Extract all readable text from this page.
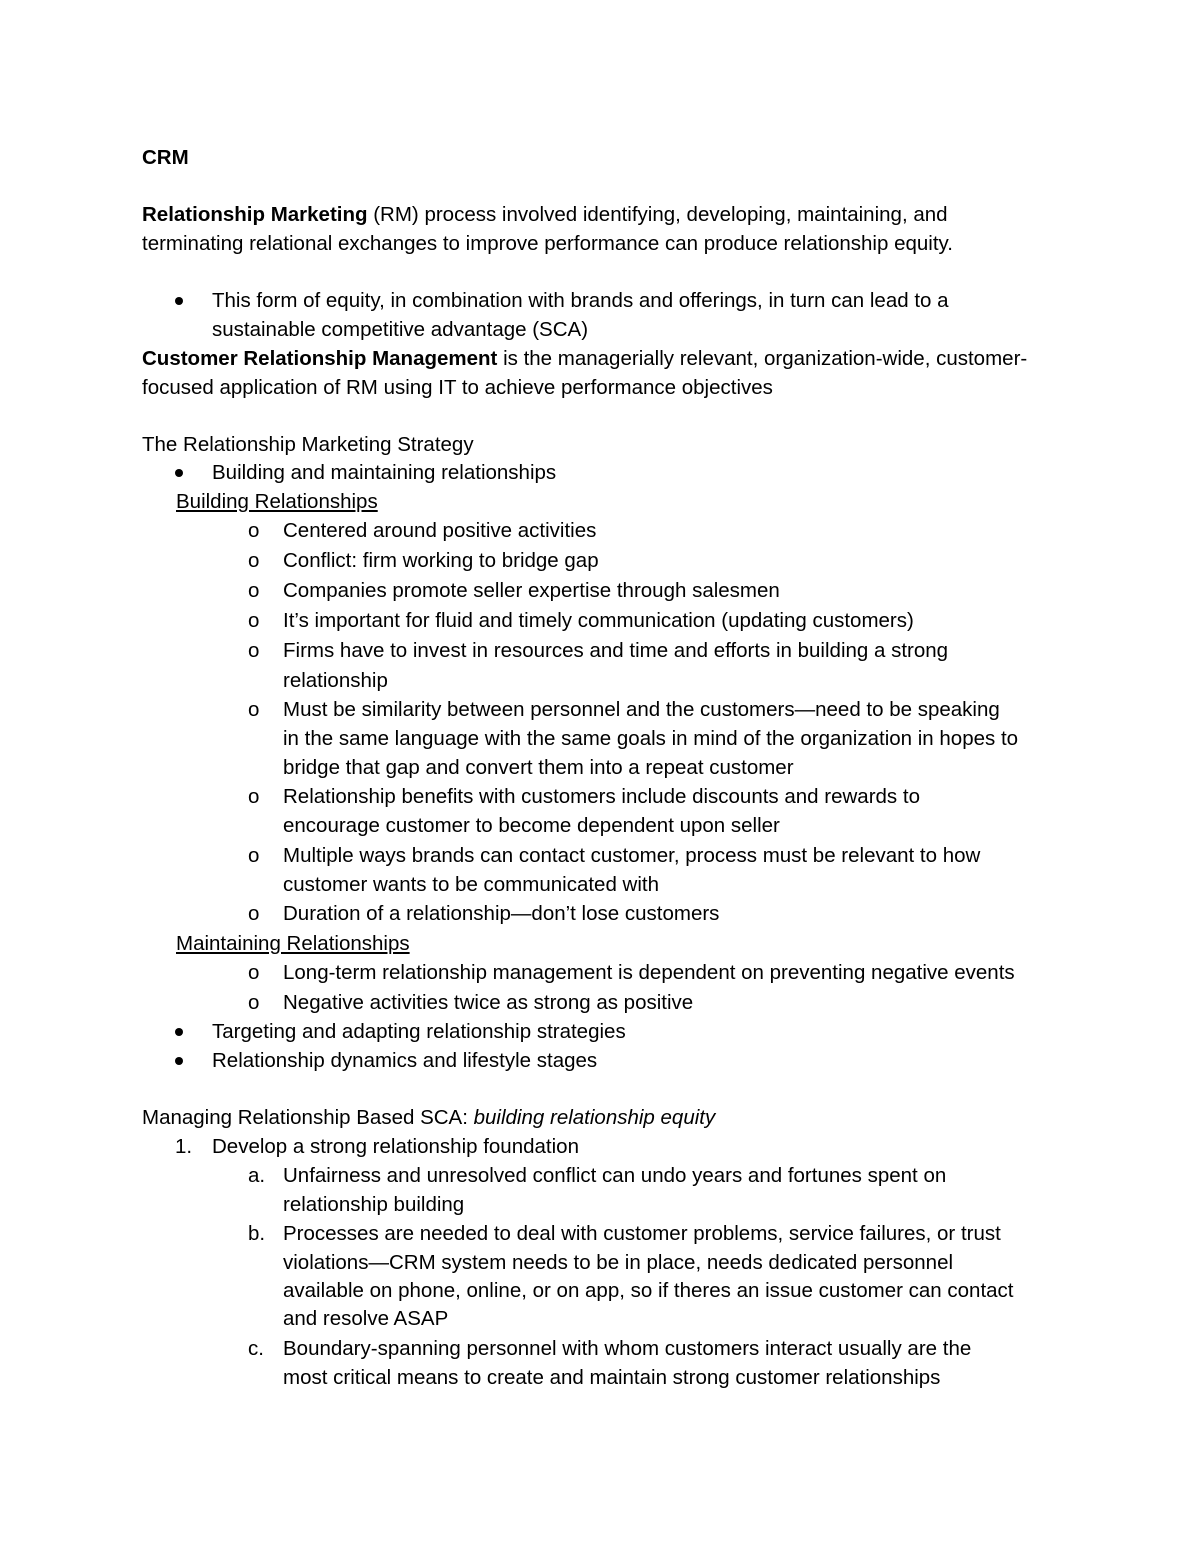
CRM
Relationship Marketing (RM) process involved identifying, developing, maintaining, and
terminating relational exchanges to improve performance can produce relationship equity.
This form of equity, in combination with brands and offerings, in turn can lead to a
sustainable competitive advantage (SCA)
Customer Relationship Management is the managerially relevant, organization-wide, customer-
focused application of RM using IT to achieve performance objectives
The Relationship Marketing Strategy
Building and maintaining relationships
Building Relationships
o Centered around positive activities
o Conflict: firm working to bridge gap
o Companies promote seller expertise through salesmen
o It’s important for fluid and timely communication (updating customers)
o Firms have to invest in resources and time and efforts in building a strong
relationship
o Must be similarity between personnel and the customers—need to be speaking
in the same language with the same goals in mind of the organization in hopes to
bridge that gap and convert them into a repeat customer
o Relationship benefits with customers include discounts and rewards to
encourage customer to become dependent upon seller
o Multiple ways brands can contact customer, process must be relevant to how
customer wants to be communicated with
o Duration of a relationship—don’t lose customers
Maintaining Relationships
o Long-term relationship management is dependent on preventing negative events
o Negative activities twice as strong as positive
Targeting and adapting relationship strategies
Relationship dynamics and lifestyle stages
Managing Relationship Based SCA: building relationship equity
1. Develop a strong relationship foundation
a. Unfairness and unresolved conflict can undo years and fortunes spent on
relationship building
b. Processes are needed to deal with customer problems, service failures, or trust
violations—CRM system needs to be in place, needs dedicated personnel
available on phone, online, or on app, so if theres an issue customer can contact
and resolve ASAP
c. Boundary-spanning personnel with whom customers interact usually are the
most critical means to create and maintain strong customer relationships
